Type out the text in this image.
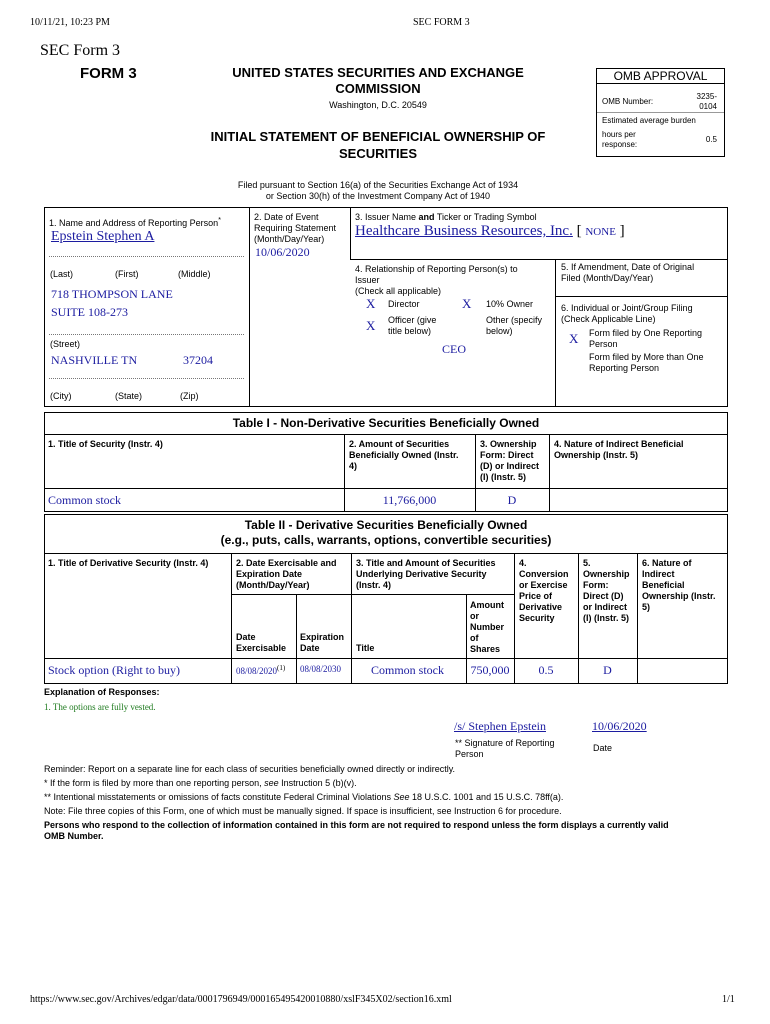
10/11/21, 10:23 PM	SEC FORM 3
SEC Form 3
FORM 3	UNITED STATES SECURITIES AND EXCHANGE
COMMISSION
Washington, D.C. 20549
INITIAL STATEMENT OF BENEFICIAL OWNERSHIP OF
SECURITIES
OMB APPROVAL
OMB Number:
3235-
0104
Estimated average burden
hours per
response:
0.5
Filed pursuant to Section 16(a) of the Securities Exchange Act of 1934
or Section 30(h) of the Investment Company Act of 1940
1. Name and Address of Reporting Person*
Epstein Stephen A
(Last)	(First)	(Middle)
718 THOMPSON LANE
SUITE 108-273
(Street)
NASHVILLE TN	37204
(City)	(State)	(Zip)
2. Date of Event
Requiring Statement
(Month/Day/Year)
10/06/2020
3. Issuer Name and Ticker or Trading Symbol
Healthcare Business Resources, Inc. [ NONE ]
4. Relationship of Reporting Person(s) to
Issuer
(Check all applicable)
X Director	X 10% Owner
X Officer (give
title below)
Other (specify
below)
CEO
5. If Amendment, Date of Original
Filed (Month/Day/Year)
6. Individual or Joint/Group Filing
(Check Applicable Line)
X Form filed by One Reporting
Person
Form filed by More than One
Reporting Person
Table I - Non-Derivative Securities Beneficially Owned
1. Title of Security (Instr. 4)	2. Amount of Securities
Beneficially Owned (Instr.
4)
3. Ownership
Form: Direct
(D) or Indirect
(I) (Instr. 5)
4. Nature of Indirect Beneficial
Ownership (Instr. 5)
Common stock	11,766,000	D
Table II - Derivative Securities Beneficially Owned
(e.g., puts, calls, warrants, options, convertible securities)
1. Title of Derivative Security (Instr. 4)	2. Date Exercisable and
Expiration Date
(Month/Day/Year)
3. Title and Amount of Securities
Underlying Derivative Security
(Instr. 4)
4.
Conversion
or Exercise
Price of
Derivative
Security
5.
Ownership
Form:
Direct (D)
or Indirect
(I) (Instr. 5)
6. Nature of
Indirect
Beneficial
Ownership (Instr.
5)
Date
Exercisable
Expiration
Date	Title
Amount
or
Number
of
Shares
Stock option (Right to buy)	08/08/2020$^{(1)}$ 08/08/2030 Common stock	750,000	0.5	D
Explanation of Responses:
1. The options are fully vested.
/s/ Stephen Epstein	10/06/2020
** Signature of Reporting
Person
Date
Reminder: Report on a separate line for each class of securities beneficially owned directly or indirectly.
* If the form is filed by more than one reporting person, see Instruction 5 (b)(v).
** Intentional misstatements or omissions of facts constitute Federal Criminal Violations See 18 U.S.C. 1001 and 15 U.S.C. 78ff(a).
Note: File three copies of this Form, one of which must be manually signed. If space is insufficient, see Instruction 6 for procedure.
Persons who respond to the collection of information contained in this form are not required to respond unless the form displays a currently valid
OMB Number.
https://www.sec.gov/Archives/edgar/data/0001796949/000165495420010880/xslF345X02/section16.xml	1/1
